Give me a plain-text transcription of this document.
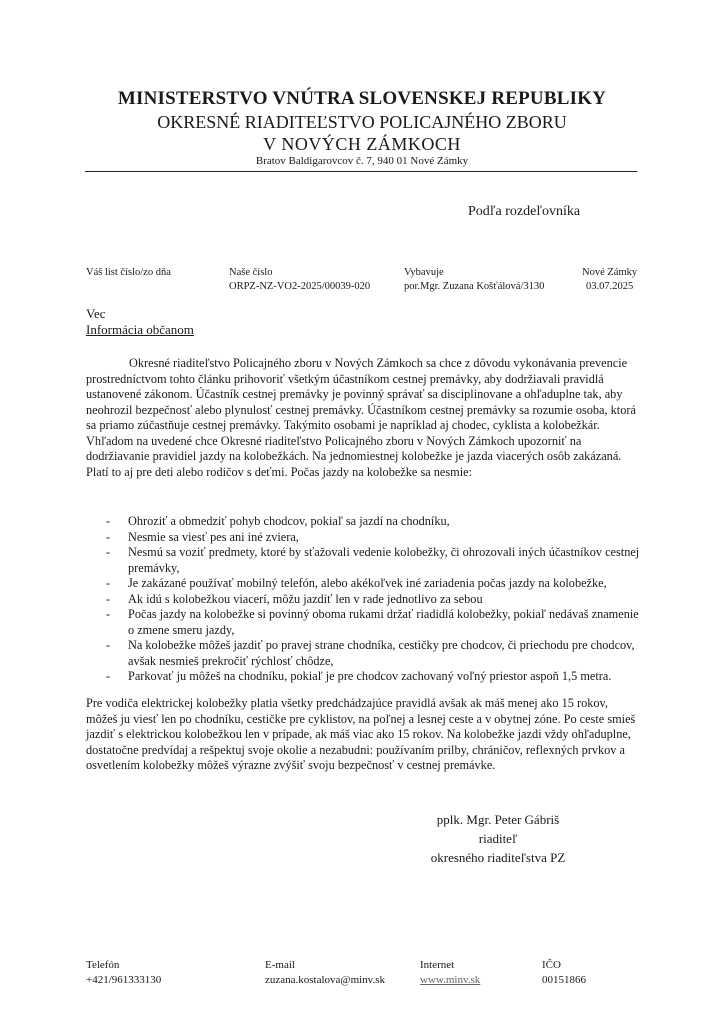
MINISTERSTVO VNÚTRA SLOVENSKEJ REPUBLIKY
OKRESNÉ RIADITEĽSTVO POLICAJNÉHO ZBORU
V NOVÝCH ZÁMKOCH
Bratov Baldigarovcov č. 7, 940 01 Nové Zámky
Podľa rozdeľovníka
Váš list číslo/zo dňa	Naše číslo
ORPZ-NZ-VO2-2025/00039-020
Vybavuje
por.Mgr. Zuzana Košťálová/3130
Nové Zámky
03.07.2025
Vec
Informácia občanom
Okresné riaditeľstvo Policajného zboru v Nových Zámkoch sa chce z dôvodu vykonávania prevencie prostredníctvom tohto článku prihovoriť všetkým účastníkom cestnej premávky, aby dodržiavali pravidlá ustanovené zákonom. Účastník cestnej premávky je povinný správať sa disciplinovane a ohľaduplne tak, aby neohrozil bezpečnosť alebo plynulosť cestnej premávky. Účastníkom cestnej premávky sa rozumie osoba, ktorá sa priamo zúčastňuje cestnej premávky. Takýmito osobami je napríklad aj chodec, cyklista a kolobežkár. Vhľadom na uvedené chce Okresné riaditeľstvo Policajného zboru v Nových Zámkoch upozorniť na dodržiavanie pravidiel jazdy na kolobežkách. Na jednomiestnej kolobežke je jazda viacerých osôb zakázaná. Platí to aj pre deti alebo rodičov s deťmi. Počas jazdy na kolobežke sa nesmie:
- Ohroziť a obmedziť pohyb chodcov, pokiaľ sa jazdí na chodníku,
- Nesmie sa viesť pes ani iné zviera,
- Nesmú sa voziť predmety, ktoré by sťažovali vedenie kolobežky, či ohrozovali iných účastníkov cestnej premávky,
- Je zakázané používať mobilný telefón, alebo akékoľvek iné zariadenia počas jazdy na kolobežke,
- Ak idú s kolobežkou viacerí, môžu jazdiť len v rade jednotlivo za sebou
- Počas jazdy na kolobežke si povinný oboma rukami držať riadidlá kolobežky, pokiaľ nedávaš znamenie o zmene smeru jazdy,
- Na kolobežke môžeš jazdiť po pravej strane chodníka, cestičky pre chodcov, či priechodu pre chodcov, avšak nesmieš prekročiť rýchlosť chôdze,
- Parkovať ju môžeš na chodníku, pokiaľ je pre chodcov zachovaný voľný priestor aspoň 1,5 metra.
Pre vodiča elektrickej kolobežky platia všetky predchádzajúce pravidlá avšak ak máš menej ako 15 rokov, môžeš ju viesť len po chodníku, cestičke pre cyklistov, na poľnej a lesnej ceste a v obytnej zóne. Po ceste smieš jazdiť s elektrickou kolobežkou len v prípade, ak máš viac ako 15 rokov. Na kolobežke jazdi vždy ohľaduplne, dostatočne predvídaj a rešpektuj svoje okolie a nezabudni: používaním prilby, chráničov, reflexných prvkov a osvetlením kolobežky môžeš výrazne zvýšiť svoju bezpečnosť v cestnej premávke.
pplk. Mgr. Peter Gábriš
riaditeľ
okresného riaditeľstva PZ
Telefón
+421/961333130
E-mail
zuzana.kostalova@minv.sk
Internet
www.minv.sk
IČO
00151866
